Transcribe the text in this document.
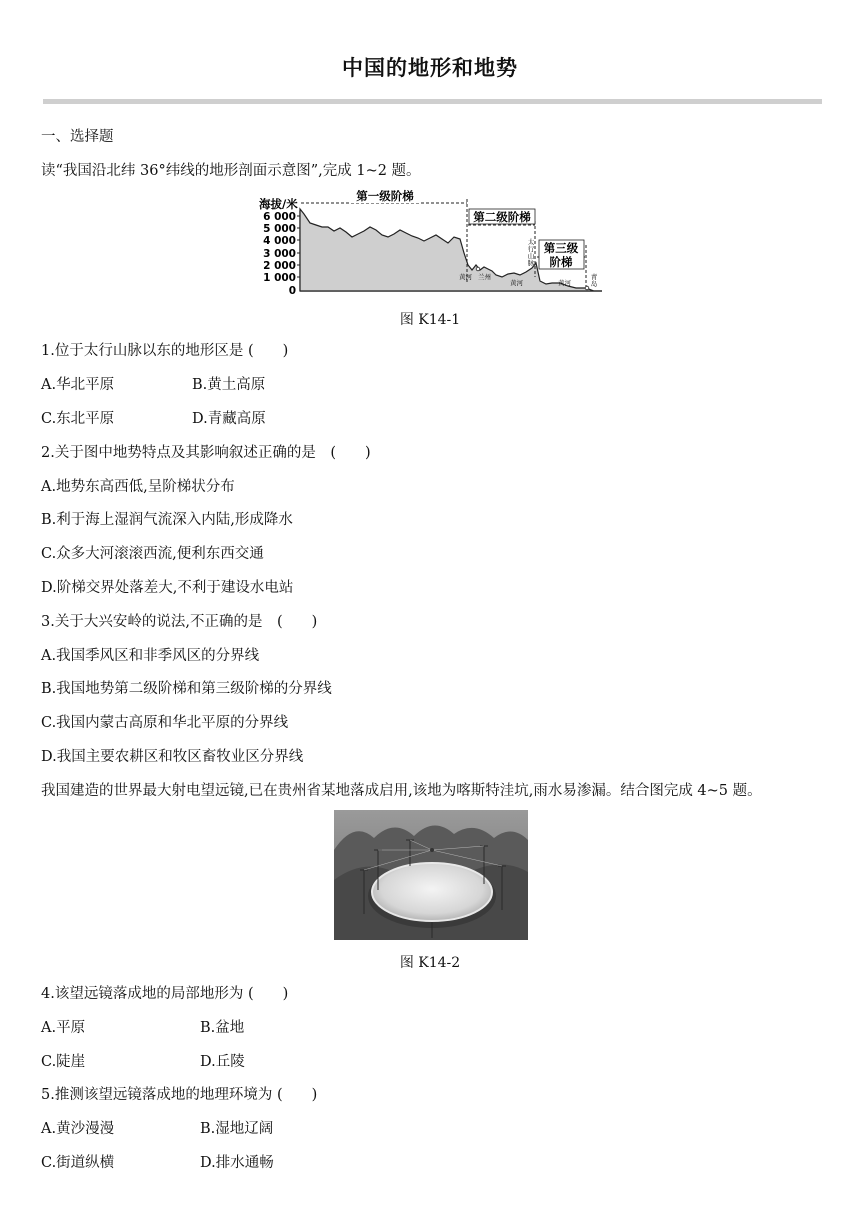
中国的地形和地势
一、选择题
读“我国沿北纬 36°纬线的地形剖面示意图”,完成 1~2 题。
海拔/米
6 000
5 000
4 000
3 000
2 000
1 000
0
第一级阶梯
第二级阶梯
第三级
阶梯
黄河 兰州
黄河
太行山脉
黄河
青岛
图 K14-1
1.位于太行山脉以东的地形区是 (　　)
A.华北平原	B.黄土高原
C.东北平原	D.青藏高原
2.关于图中地势特点及其影响叙述正确的是　(　　)
A.地势东高西低,呈阶梯状分布
B.利于海上湿润气流深入内陆,形成降水
C.众多大河滚滚西流,便利东西交通
D.阶梯交界处落差大,不利于建设水电站
3.关于大兴安岭的说法,不正确的是　(　　)
A.我国季风区和非季风区的分界线
B.我国地势第二级阶梯和第三级阶梯的分界线
C.我国内蒙古高原和华北平原的分界线
D.我国主要农耕区和牧区畜牧业区分界线
我国建造的世界最大射电望远镜,已在贵州省某地落成启用,该地为喀斯特洼坑,雨水易渗漏。结合图完成 4~5 题。
图 K14-2
4.该望远镜落成地的局部地形为 (　　)
A.平原	B.盆地
C.陡崖	D.丘陵
5.推测该望远镜落成地的地理环境为 (　　)
A.黄沙漫漫	B.湿地辽阔
C.街道纵横	D.排水通畅
